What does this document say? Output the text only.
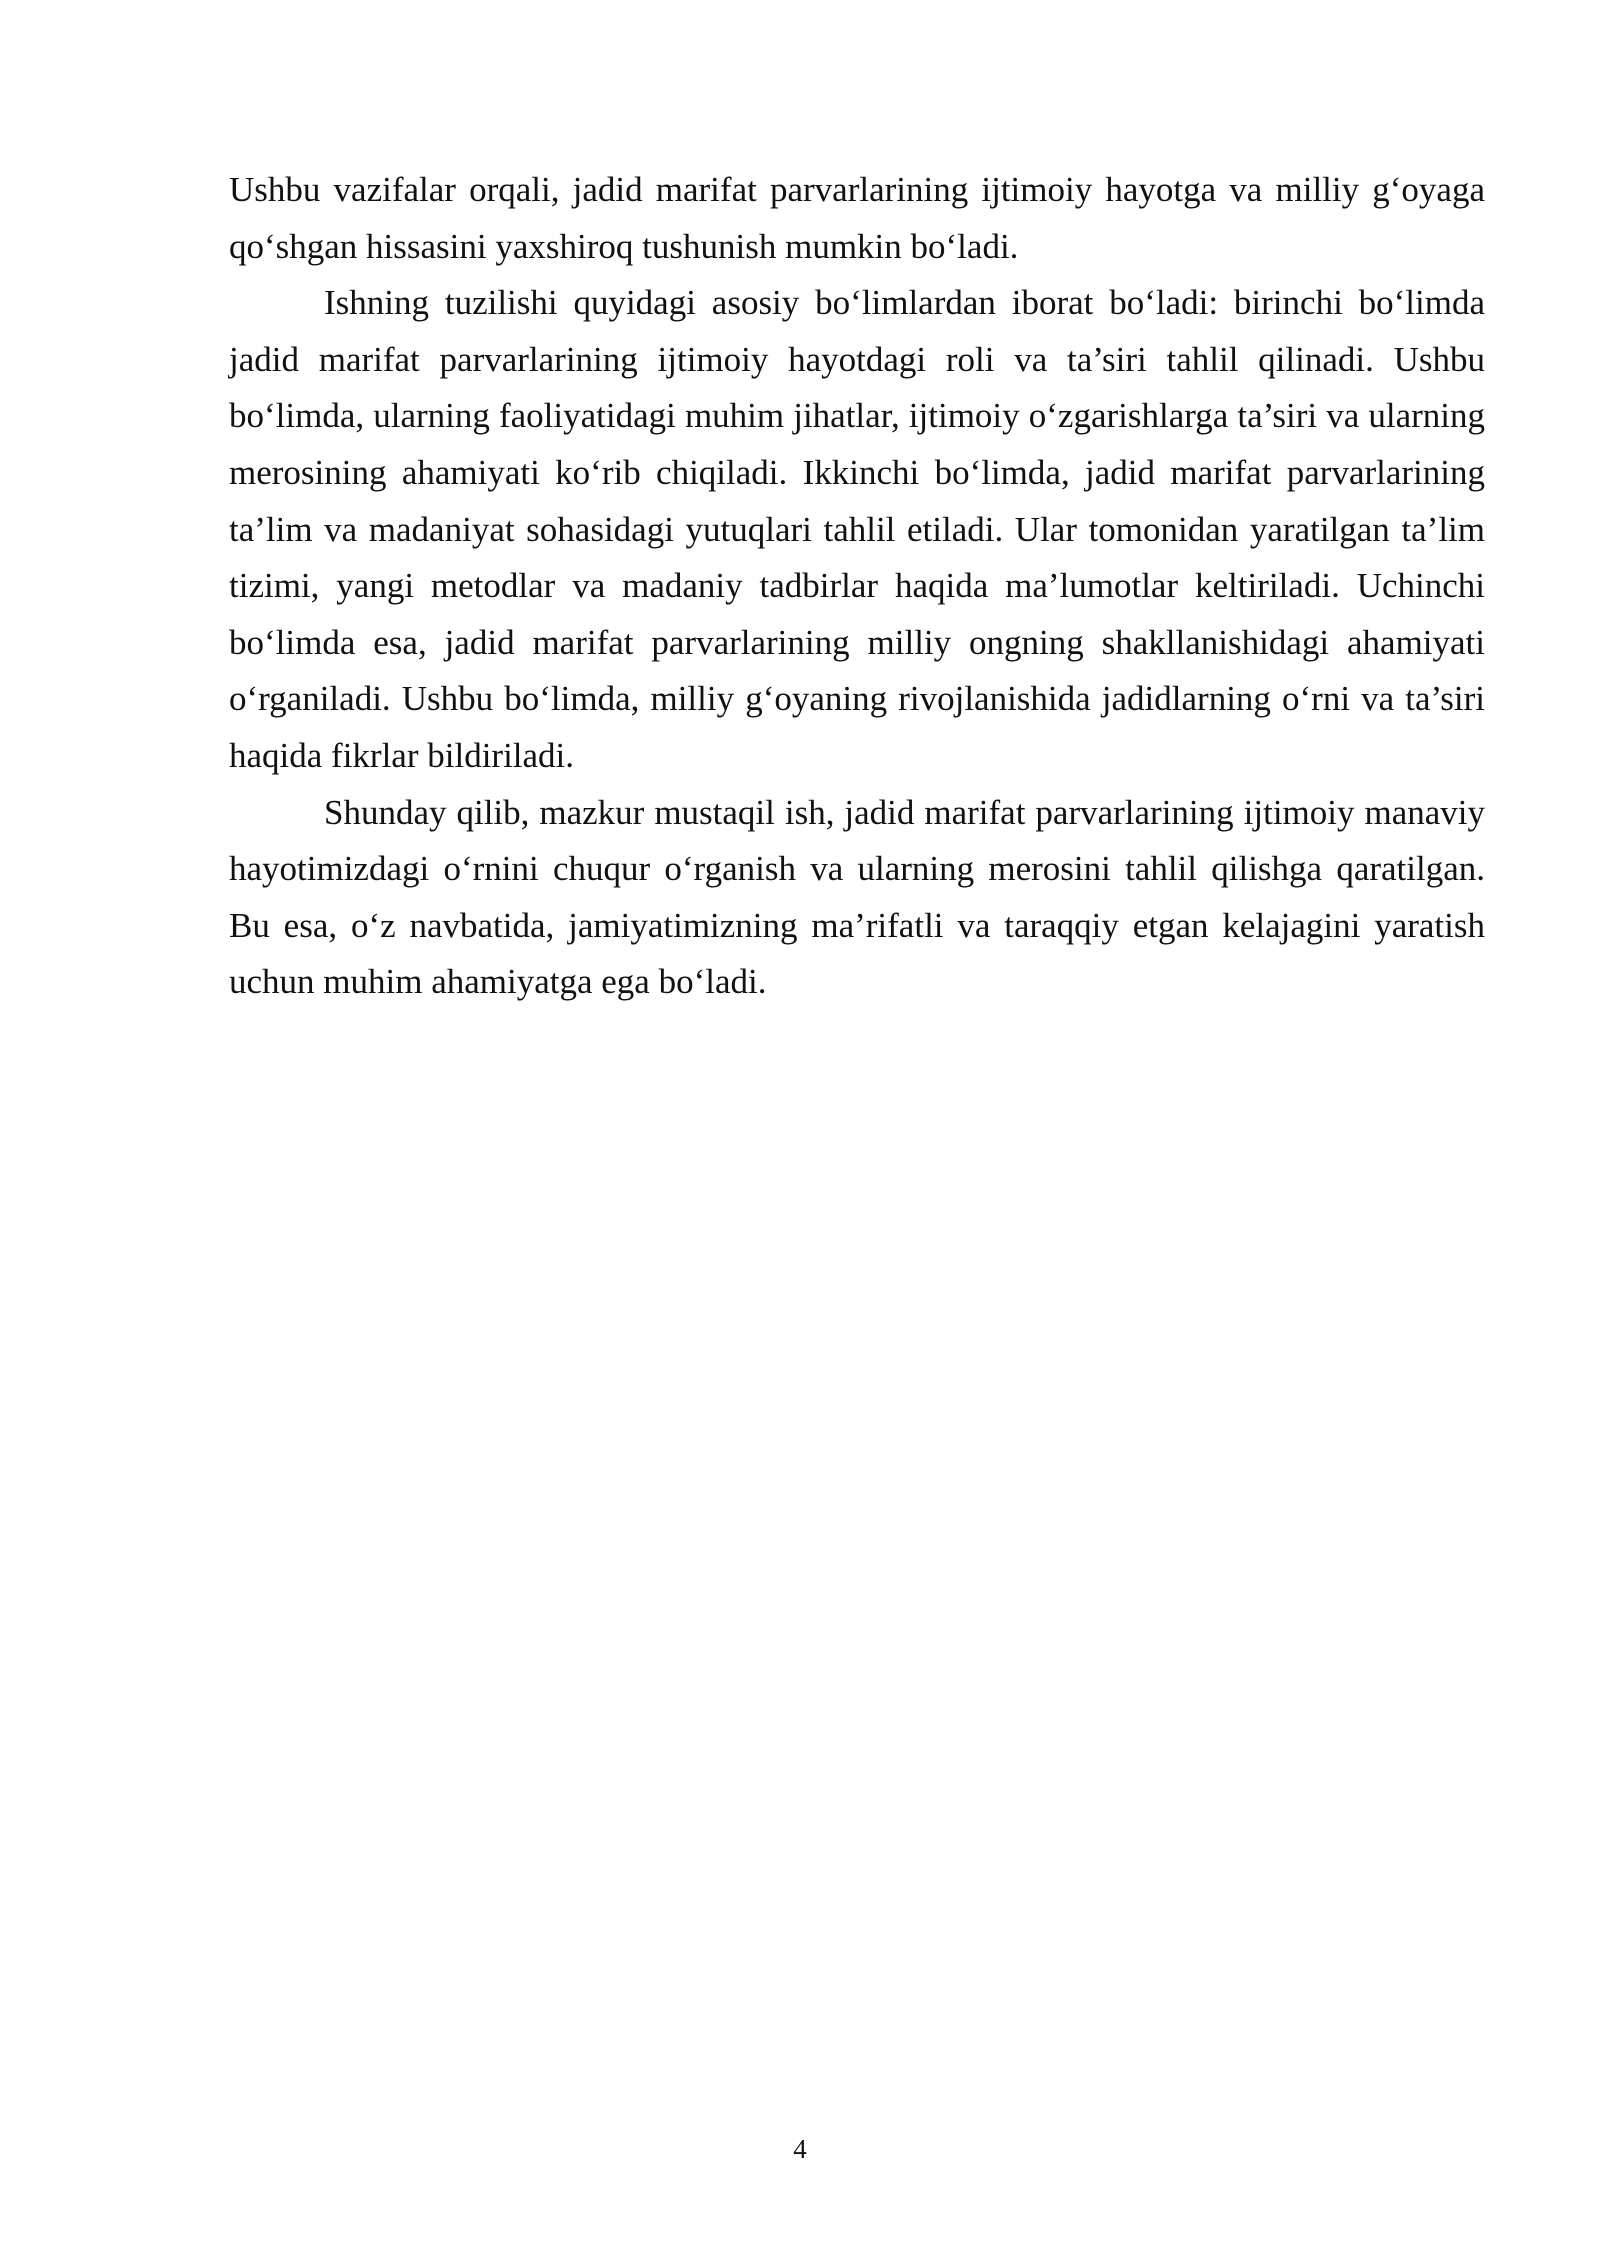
Ushbu vazifalar orqali, jadid marifat parvarlarining ijtimoiy hayotga va milliy g‘oyaga qo‘shgan hissasini yaxshiroq tushunish mumkin bo‘ladi.

Ishning tuzilishi quyidagi asosiy bo‘limlardan iborat bo‘ladi: birinchi bo‘limda jadid marifat parvarlarining ijtimoiy hayotdagi roli va ta’siri tahlil qilinadi. Ushbu bo‘limda, ularning faoliyatidagi muhim jihatlar, ijtimoiy o‘zgarishlarga ta’siri va ularning merosining ahamiyati ko‘rib chiqiladi. Ikkinchi bo‘limda, jadid marifat parvarlarining ta’lim va madaniyat sohasidagi yutuqlari tahlil etiladi. Ular tomonidan yaratilgan ta’lim tizimi, yangi metodlar va madaniy tadbirlar haqida ma’lumotlar keltiriladi. Uchinchi bo‘limda esa, jadid marifat parvarlarining milliy ongning shakllanishidagi ahamiyati o‘rganiladi. Ushbu bo‘limda, milliy g‘oyaning rivojlanishida jadidlarning o‘rni va ta’siri haqida fikrlar bildiriladi.

Shunday qilib, mazkur mustaqil ish, jadid marifat parvarlarining ijtimoiy manaviy hayotimizdagi o‘rnini chuqur o‘rganish va ularning merosini tahlil qilishga qaratilgan. Bu esa, o‘z navbatida, jamiyatimizning ma’rifatli va taraqqiy etgan kelajagini yaratish uchun muhim ahamiyatga ega bo‘ladi.

4
